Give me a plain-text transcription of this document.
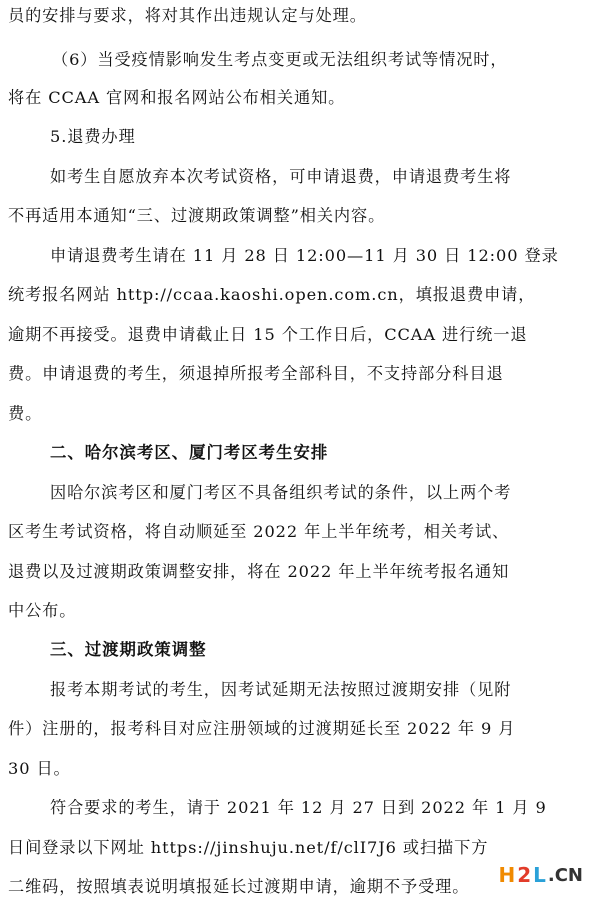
员的安排与要求，将对其作出违规认定与处理。
（6）当受疫情影响发生考点变更或无法组织考试等情况时，
将在 CCAA 官网和报名网站公布相关通知。
5.退费办理
如考生自愿放弃本次考试资格，可申请退费，申请退费考生将
不再适用本通知“三、过渡期政策调整”相关内容。
申请退费考生请在 11 月 28 日 12:00—11 月 30 日 12:00 登录
统考报名网站 http://ccaa.kaoshi.open.com.cn，填报退费申请，
逾期不再接受。退费申请截止日 15 个工作日后，CCAA 进行统一退
费。申请退费的考生，须退掉所报考全部科目，不支持部分科目退
费。
二、哈尔滨考区、厦门考区考生安排
因哈尔滨考区和厦门考区不具备组织考试的条件，以上两个考
区考生考试资格，将自动顺延至 2022 年上半年统考，相关考试、
退费以及过渡期政策调整安排，将在 2022 年上半年统考报名通知
中公布。
三、过渡期政策调整
报考本期考试的考生，因考试延期无法按照过渡期安排（见附
件）注册的，报考科目对应注册领域的过渡期延长至 2022 年 9 月
30 日。
符合要求的考生，请于 2021 年 12 月 27 日到 2022 年 1 月 9
日间登录以下网址 https://jinshuju.net/f/clI7J6 或扫描下方
二维码，按照填表说明填报延长过渡期申请，逾期不予受理。	H 2 L .CN
